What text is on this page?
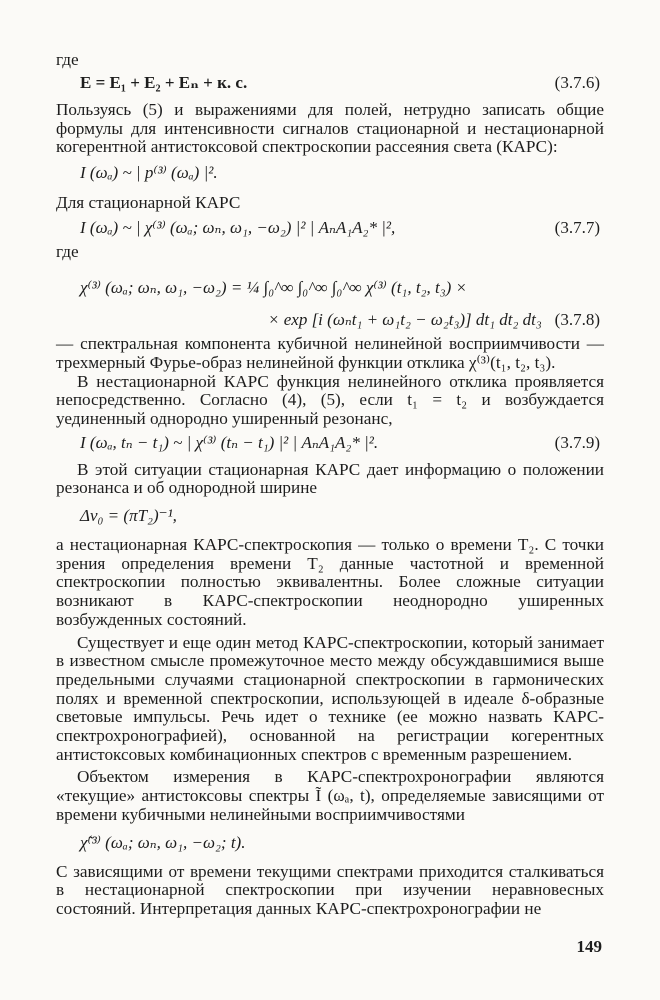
где

E = E₁ + E₂ + Eₙ + к. с.	(3.7.6)

Пользуясь (5) и выражениями для полей, нетрудно записать общие формулы для интенсивности сигналов стационарной и нестационарной когерентной антистоксовой спектроскопии рассеяния света (КАРС):

I (ωₐ) ~ | p⁽³⁾ (ωₐ) |².

Для стационарной КАРС

I (ωₐ) ~ | χ⁽³⁾ (ωₐ; ωₙ, ω₁, −ω₂) |² | AₙA₁A₂* |²,	(3.7.7)

где

χ⁽³⁾ (ωₐ; ωₙ, ω₁, −ω₂) = ¼ ∫₀^∞ ∫₀^∞ ∫₀^∞ χ⁽³⁾ (t₁, t₂, t₃) ×
× exp [i (ωₙt₁ + ω₁t₂ − ω₂t₃)] dt₁ dt₂ dt₃ (3.7.8)

— спектральная компонента кубичной нелинейной восприимчивости — трехмерный Фурье-образ нелинейной функции отклика χ⁽³⁾(t₁, t₂, t₃).

В нестационарной КАРС функция нелинейного отклика проявляется непосредственно. Согласно (4), (5), если t₁ = t₂ и возбуждается уединенный однородно уширенный резонанс,

I (ωₐ, tₙ − t₁) ~ | χ⁽³⁾ (tₙ − t₁) |² | AₙA₁A₂* |².	(3.7.9)

В этой ситуации стационарная КАРС дает информацию о положении резонанса и об однородной ширине

Δν₀ = (πT₂)⁻¹,

а нестационарная КАРС-спектроскопия — только о времени T₂. С точки зрения определения времени T₂ данные частотной и временной спектроскопии полностью эквивалентны. Более сложные ситуации возникают в КАРС-спектроскопии неоднородно уширенных возбужденных состояний.

Существует и еще один метод КАРС-спектроскопии, который занимает в известном смысле промежуточное место между обсуждавшимися выше предельными случаями стационарной спектроскопии в гармонических полях и временной спектроскопии, использующей в идеале δ-образные световые импульсы. Речь идет о технике (ее можно назвать КАРС-спектрохронографией), основанной на регистрации когерентных антистоксовых комбинационных спектров с временным разрешением.

Объектом измерения в КАРС-спектрохронографии являются «текущие» антистоксовы спектры Ĩ (ωₐ, t), определяемые зависящими от времени кубичными нелинейными восприимчивостями

χ̃⁽³⁾ (ωₐ; ωₙ, ω₁, −ω₂; t).

С зависящими от времени текущими спектрами приходится сталкиваться в нестационарной спектроскопии при изучении неравновесных состояний. Интерпретация данных КАРС-спектрохронографии не

149
